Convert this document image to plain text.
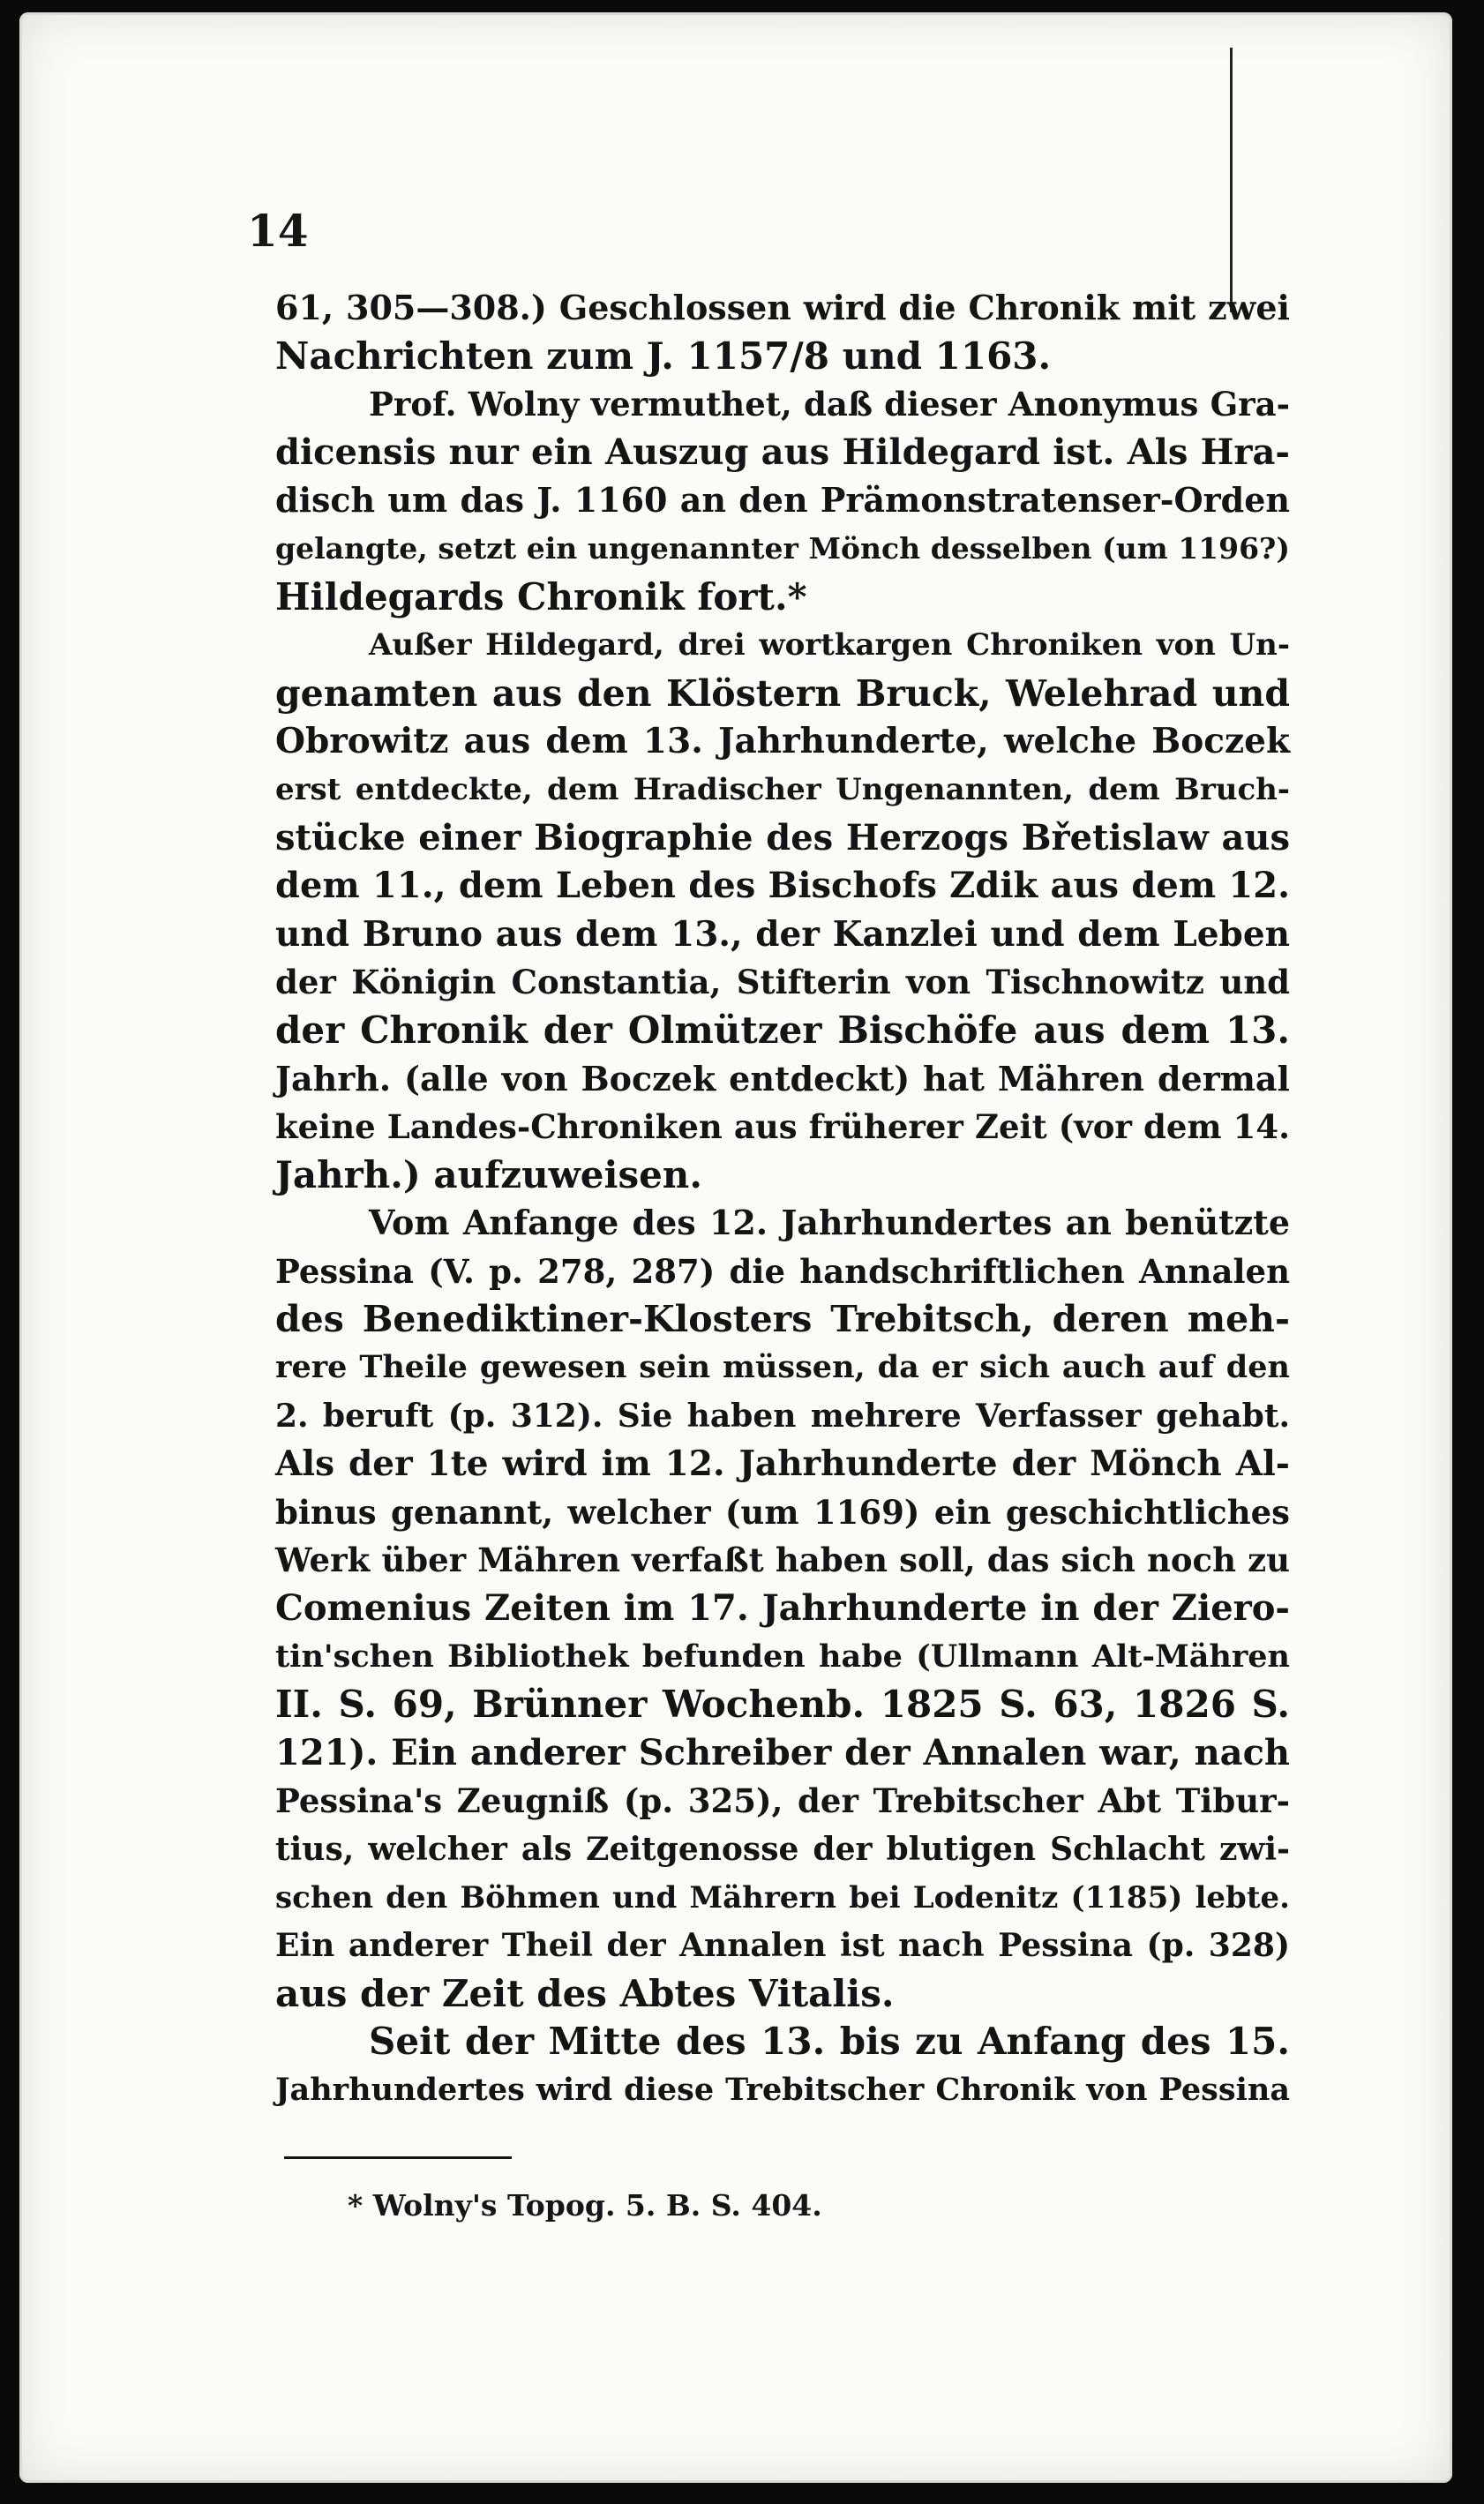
14
61, 305—308.) Geschlossen wird die Chronik mit zwei
Nachrichten zum J. 1157/8 und 1163.
Prof. Wolny vermuthet, daß dieser Anonymus Gra-
dicensis nur ein Auszug aus Hildegard ist. Als Hra-
disch um das J. 1160 an den Prämonstratenser-Orden
gelangte, setzt ein ungenannter Mönch desselben (um 1196?)
Hildegards Chronik fort.*
Außer Hildegard, drei wortkargen Chroniken von Un-
genamten aus den Klöstern Bruck, Welehrad und
Obrowitz aus dem 13. Jahrhunderte, welche Boczek
erst entdeckte, dem Hradischer Ungenannten, dem Bruch-
stücke einer Biographie des Herzogs Břetislaw aus
dem 11., dem Leben des Bischofs Zdik aus dem 12.
und Bruno aus dem 13., der Kanzlei und dem Leben
der Königin Constantia, Stifterin von Tischnowitz und
der Chronik der Olmützer Bischöfe aus dem 13.
Jahrh. (alle von Boczek entdeckt) hat Mähren dermal
keine Landes-Chroniken aus früherer Zeit (vor dem 14.
Jahrh.) aufzuweisen.
Vom Anfange des 12. Jahrhundertes an benützte
Pessina (V. p. 278, 287) die handschriftlichen Annalen
des Benediktiner-Klosters Trebitsch, deren meh-
rere Theile gewesen sein müssen, da er sich auch auf den
2. beruft (p. 312). Sie haben mehrere Verfasser gehabt.
Als der 1te wird im 12. Jahrhunderte der Mönch Al-
binus genannt, welcher (um 1169) ein geschichtliches
Werk über Mähren verfaßt haben soll, das sich noch zu
Comenius Zeiten im 17. Jahrhunderte in der Ziero-
tin'schen Bibliothek befunden habe (Ullmann Alt-Mähren
II. S. 69, Brünner Wochenb. 1825 S. 63, 1826 S.
121). Ein anderer Schreiber der Annalen war, nach
Pessina's Zeugniß (p. 325), der Trebitscher Abt Tibur-
tius, welcher als Zeitgenosse der blutigen Schlacht zwi-
schen den Böhmen und Mährern bei Lodenitz (1185) lebte.
Ein anderer Theil der Annalen ist nach Pessina (p. 328)
aus der Zeit des Abtes Vitalis.
Seit der Mitte des 13. bis zu Anfang des 15.
Jahrhundertes wird diese Trebitscher Chronik von Pessina
* Wolny's Topog. 5. B. S. 404.
